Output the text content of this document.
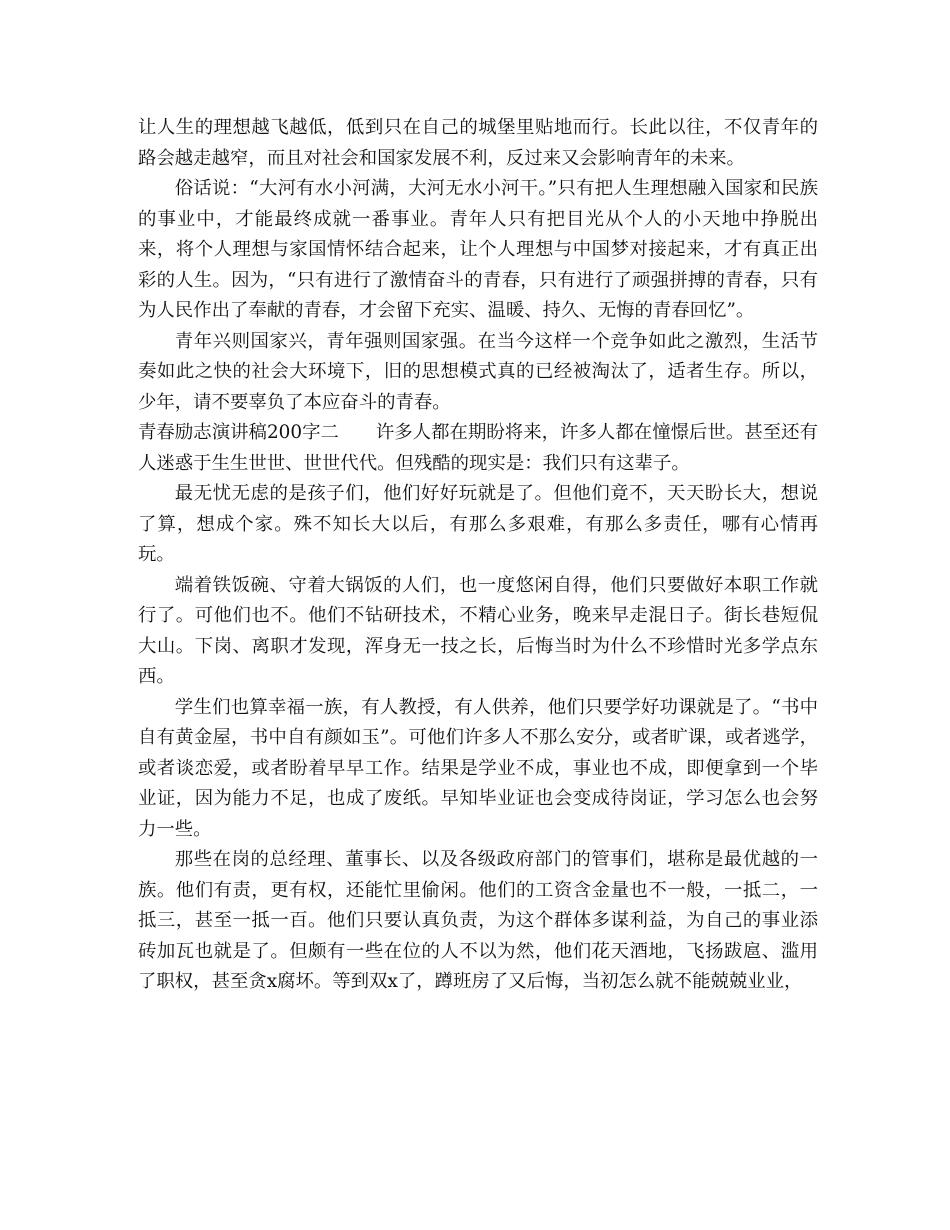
让人生的理想越飞越低，低到只在自己的城堡里贴地而行。长此以往，不仅青年的路会越走越窄，而且对社会和国家发展不利，反过来又会影响青年的未来。

俗话说：“大河有水小河满，大河无水小河干。”只有把人生理想融入国家和民族的事业中，才能最终成就一番事业。青年人只有把目光从个人的小天地中挣脱出来，将个人理想与家国情怀结合起来，让个人理想与中国梦对接起来，才有真正出彩的人生。因为，“只有进行了激情奋斗的青春，只有进行了顽强拼搏的青春，只有为人民作出了奉献的青春，才会留下充实、温暖、持久、无悔的青春回忆”。

青年兴则国家兴，青年强则国家强。在当今这样一个竞争如此之激烈，生活节奏如此之快的社会大环境下，旧的思想模式真的已经被淘汰了，适者生存。所以，少年，请不要辜负了本应奋斗的青春。

青春励志演讲稿200字二　　 许多人都在期盼将来，许多人都在憧憬后世。甚至还有人迷惑于生生世世、世世代代。但残酷的现实是：我们只有这辈子。

最无忧无虑的是孩子们，他们好好玩就是了。但他们竟不，天天盼长大，想说了算，想成个家。殊不知长大以后，有那么多艰难，有那么多责任，哪有心情再玩。

端着铁饭碗、守着大锅饭的人们，也一度悠闲自得，他们只要做好本职工作就行了。可他们也不。他们不钻研技术，不精心业务，晚来早走混日子。街长巷短侃大山。下岗、离职才发现，浑身无一技之长，后悔当时为什么不珍惜时光多学点东西。

学生们也算幸福一族，有人教授，有人供养，他们只要学好功课就是了。“书中自有黄金屋，书中自有颜如玉”。可他们许多人不那么安分，或者旷课，或者逃学，或者谈恋爱，或者盼着早早工作。结果是学业不成，事业也不成，即便拿到一个毕业证，因为能力不足，也成了废纸。早知毕业证也会变成待岗证，学习怎么也会努力一些。

那些在岗的总经理、董事长、以及各级政府部门的管事们，堪称是最优越的一族。他们有责，更有权，还能忙里偷闲。他们的工资含金量也不一般，一抵二，一抵三，甚至一抵一百。他们只要认真负责，为这个群体多谋利益，为自己的事业添砖加瓦也就是了。但颇有一些在位的人不以为然，他们花天酒地，飞扬跋扈、滥用了职权，甚至贪x腐坏。等到双x了，蹲班房了又后悔，当初怎么就不能兢兢业业，
